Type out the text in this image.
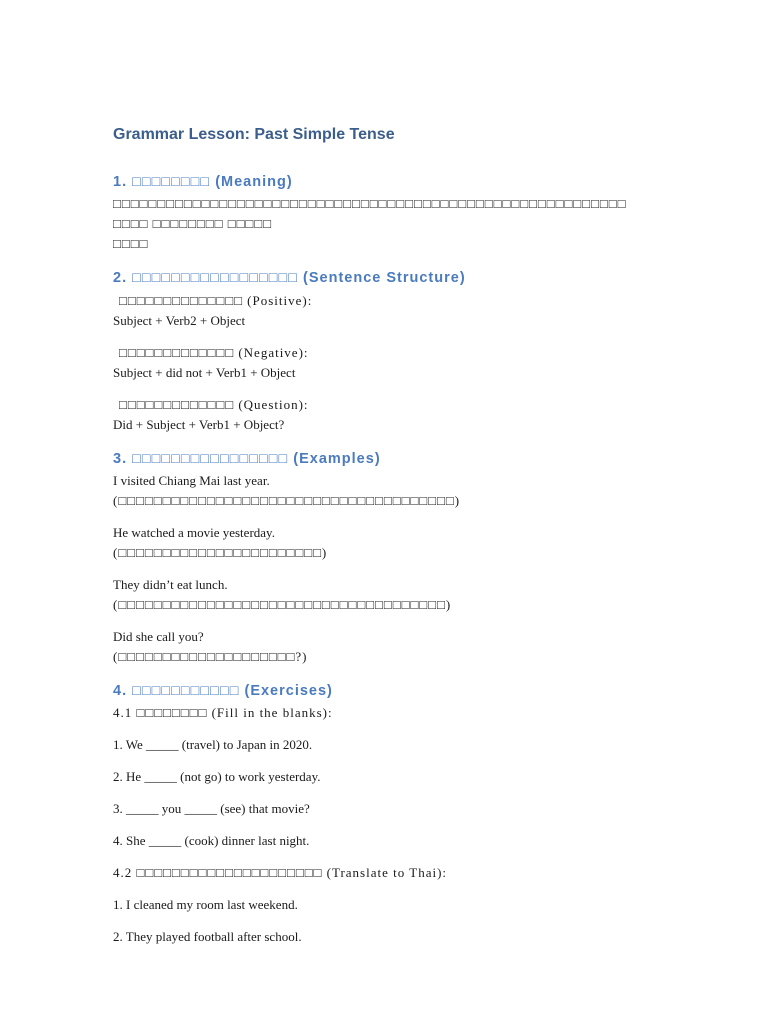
Grammar Lesson: Past Simple Tense
1. □□□□□□□□ (Meaning)

□□□□□□□□□□□□□□□□□□□□□□□□□□□□□□□□□□□□□□□□□□□□□□□□□□□□□□□□□□ □□□□ □□□□□□□□ □□□□□

□□□□

2. □□□□□□□□□□□□□□□□□ (Sentence Structure)

□□□□□□□□□□□□□□ (Positive):

Subject + Verb2 + Object

□□□□□□□□□□□□□ (Negative):

Subject + did not + Verb1 + Object

□□□□□□□□□□□□□ (Question):

Did + Subject + Verb1 + Object?

3. □□□□□□□□□□□□□□□□ (Examples)

I visited Chiang Mai last year.

(□□□□□□□□□□□□□□□□□□□□□□□□□□□□□□□□□□□□□□)

He watched a movie yesterday.

(□□□□□□□□□□□□□□□□□□□□□□□)

They didn’t eat lunch.

(□□□□□□□□□□□□□□□□□□□□□□□□□□□□□□□□□□□□□)

Did she call you?

(□□□□□□□□□□□□□□□□□□□□?)

4. □□□□□□□□□□□ (Exercises)

4.1 □□□□□□□□ (Fill in the blanks):

1. We _____ (travel) to Japan in 2020.

2. He _____ (not go) to work yesterday.

3. _____ you _____ (see) that movie?

4. She _____ (cook) dinner last night.

4.2 □□□□□□□□□□□□□□□□□□□□□ (Translate to Thai):

1. I cleaned my room last weekend.

2. They played football after school.
